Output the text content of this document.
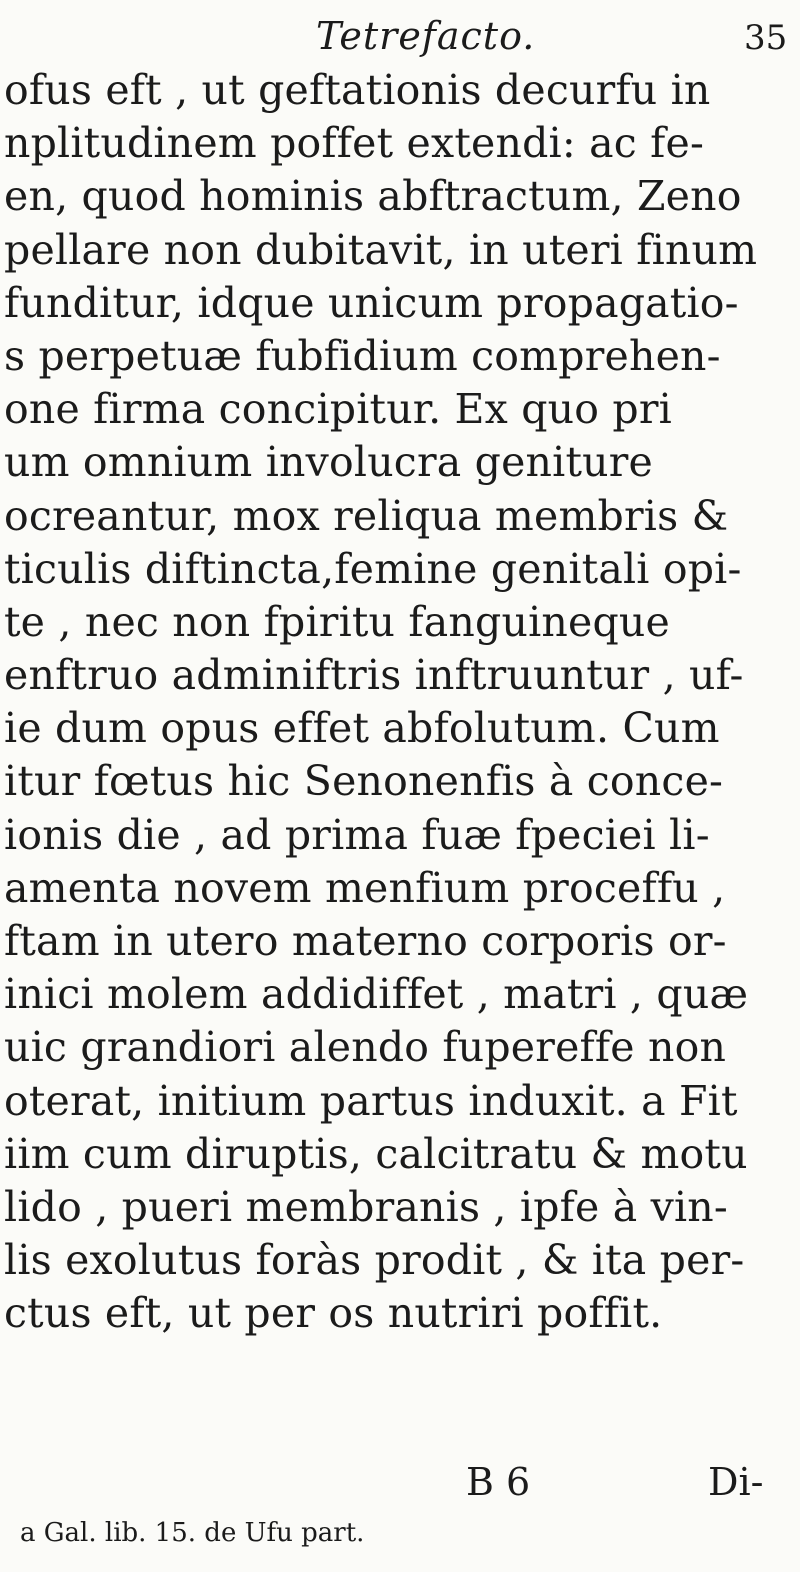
Tetrefacto.	35
ofus eft , ut geftationis decurfu in
nplitudinem poffet extendi: ac fe-
en, quod hominis abftractum, Zeno
pellare non dubitavit, in uteri finum
funditur, idque unicum propagatio-
s perpetuæ fubfidium comprehen-
one firma concipitur. Ex quo pri
um omnium involucra geniture
ocreantur, mox reliqua membris &
ticulis diftincta,femine genitali opi-
te , nec non fpiritu fanguineque
enftruo adminiftris inftruuntur , uf-
ie dum opus effet abfolutum. Cum
itur fœtus hic Senonenfis à conce-
ionis die , ad prima fuæ fpeciei li-
amenta novem menfium proceffu ,
ftam in utero materno corporis or-
inici molem addidiffet , matri , quæ
uic grandiori alendo fupereffe non
oterat, initium partus induxit. a Fit
iim cum diruptis, calcitratu & motu
lido , pueri membranis , ipfe à vin-
lis exolutus foràs prodit , & ita per-
ctus eft, ut per os nutriri poffit.
B 6	Di-
a Gal. lib. 15. de Ufu part.
